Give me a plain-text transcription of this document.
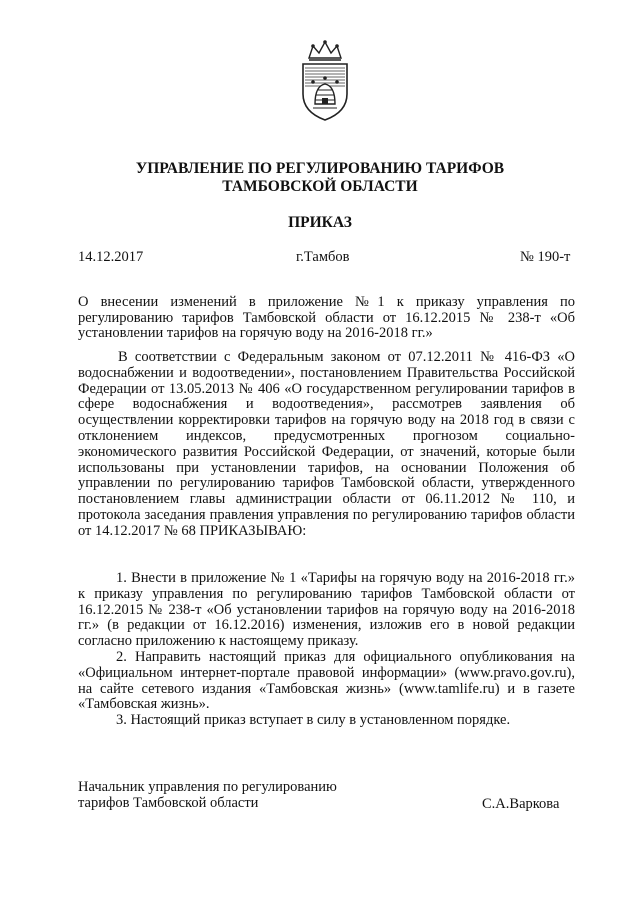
УПРАВЛЕНИЕ ПО РЕГУЛИРОВАНИЮ ТАРИФОВ
ТАМБОВСКОЙ ОБЛАСТИ
ПРИКАЗ
14.12.2017	г.Тамбов	№ 190-т
О внесении изменений в приложение №1 к приказу управления по регулированию тарифов Тамбовской области от 16.12.2015 № 238-т «Об установлении тарифов на горячую воду на 2016-2018 гг.»

В соответствии с Федеральным законом от 07.12.2011 № 416-ФЗ «О водоснабжении и водоотведении», постановлением Правительства Российской Федерации от 13.05.2013 № 406 «О государственном регулировании тарифов в сфере водоснабжения и водоотведения», рассмотрев заявления об осуществлении корректировки тарифов на горячую воду на 2018 год в связи с отклонением индексов, предусмотренных прогнозом социально-экономического развития Российской Федерации, от значений, которые были использованы при установлении тарифов, на основании Положения об управлении по регулированию тарифов Тамбовской области, утвержденного постановлением главы администрации области от 06.11.2012 № 110, и протокола заседания правления управления по регулированию тарифов области от 14.12.2017 № 68 ПРИКАЗЫВАЮ:

1. Внести в приложение № 1 «Тарифы на горячую воду на 2016-2018 гг.» к приказу управления по регулированию тарифов Тамбовской области от 16.12.2015 № 238-т «Об установлении тарифов на горячую воду на 2016-2018 гг.» (в редакции от 16.12.2016) изменения, изложив его в новой редакции согласно приложению к настоящему приказу.

2. Направить настоящий приказ для официального опубликования на «Официальном интернет-портале правовой информации» (www.pravo.gov.ru), на сайте сетевого издания «Тамбовская жизнь» (www.tamlife.ru) и в газете «Тамбовская жизнь».

3. Настоящий приказ вступает в силу в установленном порядке.

Начальник управления по регулированию
тарифов Тамбовской области	С.А.Варкова
